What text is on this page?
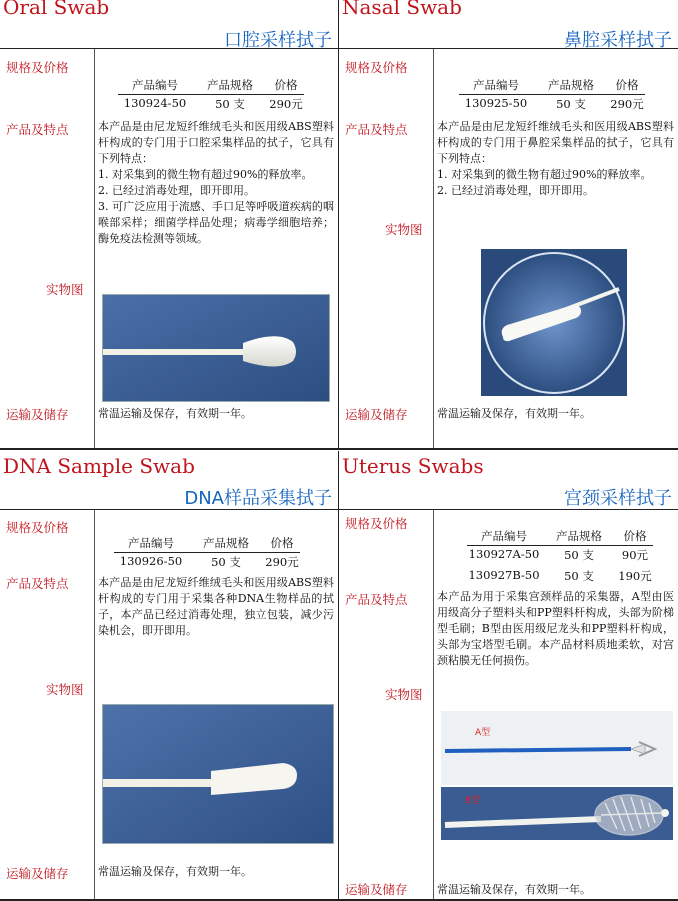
Oral Swab
口腔采样拭子
规格及价格
产品及特点
实物图
运输及储存
产品编号	产品规格	价格
130924-50	50 支	290元

本产品是由尼龙短纤维绒毛头和医用级ABS塑料杆构成的专门用于口腔采集样品的拭子，它具有下列特点：

1. 对采集到的微生物有超过90%的释放率。

2. 已经过消毒处理，即开即用。

3. 可广泛应用于流感、手口足等呼吸道疾病的咽喉部采样；细菌学样品处理；病毒学细胞培养；酶免疫法检测等领域。

常温运输及保存，有效期一年。
Nasal Swab
鼻腔采样拭子
规格及价格
产品及特点
实物图
运输及储存
产品编号	产品规格	价格
130925-50	50 支	290元

本产品是由尼龙短纤维绒毛头和医用级ABS塑料杆构成的专门用于鼻腔采集样品的拭子，它具有下列特点：

1. 对采集到的微生物有超过90%的释放率。

2. 已经过消毒处理，即开即用。

常温运输及保存，有效期一年。
DNA Sample Swab
DNA样品采集拭子
规格及价格
产品及特点
实物图
运输及储存
产品编号	产品规格	价格
130926-50	50 支	290元

本产品是由尼龙短纤维绒毛头和医用级ABS塑料杆构成的专门用于采集各种DNA生物样品的拭子，本产品已经过消毒处理，独立包装，减少污染机会，即开即用。

常温运输及保存，有效期一年。
Uterus Swabs
宫颈采样拭子
规格及价格
产品及特点
实物图
运输及储存
产品编号	产品规格	价格
130927A-50	50 支	90元
130927B-50	50 支	190元

本产品为用于采集宫颈样品的采集器，A型由医用级高分子塑料头和PP塑料杆构成，头部为阶梯型毛刷；B型由医用级尼龙头和PP塑料杆构成，头部为宝塔型毛刷。本产品材料质地柔软，对宫颈粘膜无任何损伤。

A型
B型
常温运输及保存，有效期一年。
